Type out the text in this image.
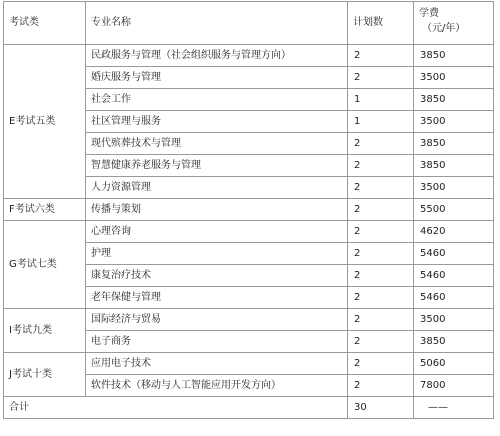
考试类	专业名称	计划数	学费
（元/年）

E考试五类	民政服务与管理（社会组织服务与管理方向）	2	3850
	婚庆服务与管理	2	3500
	社会工作	1	3850
	社区管理与服务	1	3500
	现代殡葬技术与管理	2	3850
	智慧健康养老服务与管理	2	3850
	人力资源管理	2	3500
F考试六类	传播与策划	2	5500
G考试七类	心理咨询	2	4620
	护理	2	5460
	康复治疗技术	2	5460
	老年保健与管理	2	5460
I考试九类	国际经济与贸易	2	3500
	电子商务	2	3850
J考试十类	应用电子技术	2	5060
	软件技术（移动与人工智能应用开发方向）	2	7800
合计		30	——
